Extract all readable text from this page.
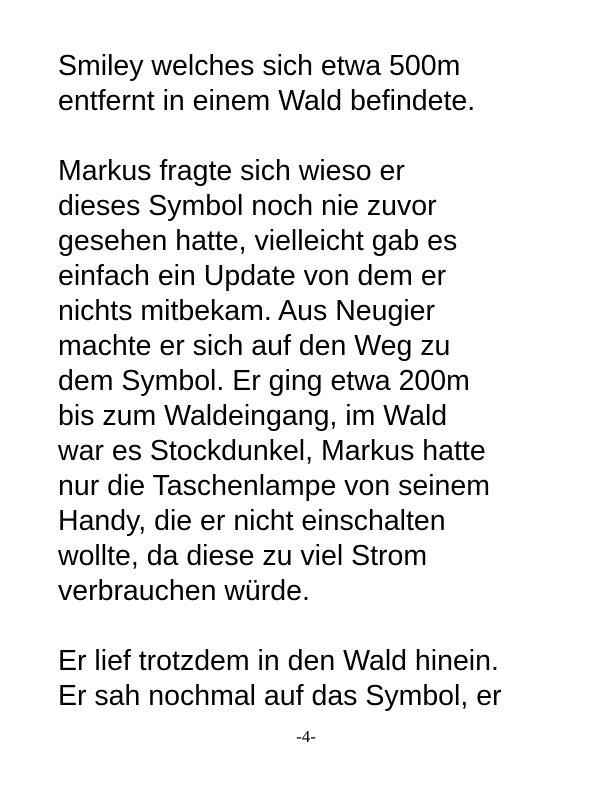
Smiley welches sich etwa 500m
entfernt in einem Wald befindete.
Markus fragte sich wieso er
dieses Symbol noch nie zuvor
gesehen hatte, vielleicht gab es
einfach ein Update von dem er
nichts mitbekam. Aus Neugier
machte er sich auf den Weg zu
dem Symbol. Er ging etwa 200m
bis zum Waldeingang, im Wald
war es Stockdunkel, Markus hatte
nur die Taschenlampe von seinem
Handy, die er nicht einschalten
wollte, da diese zu viel Strom
verbrauchen würde.
Er lief trotzdem in den Wald hinein.
Er sah nochmal auf das Symbol, er
-4-
